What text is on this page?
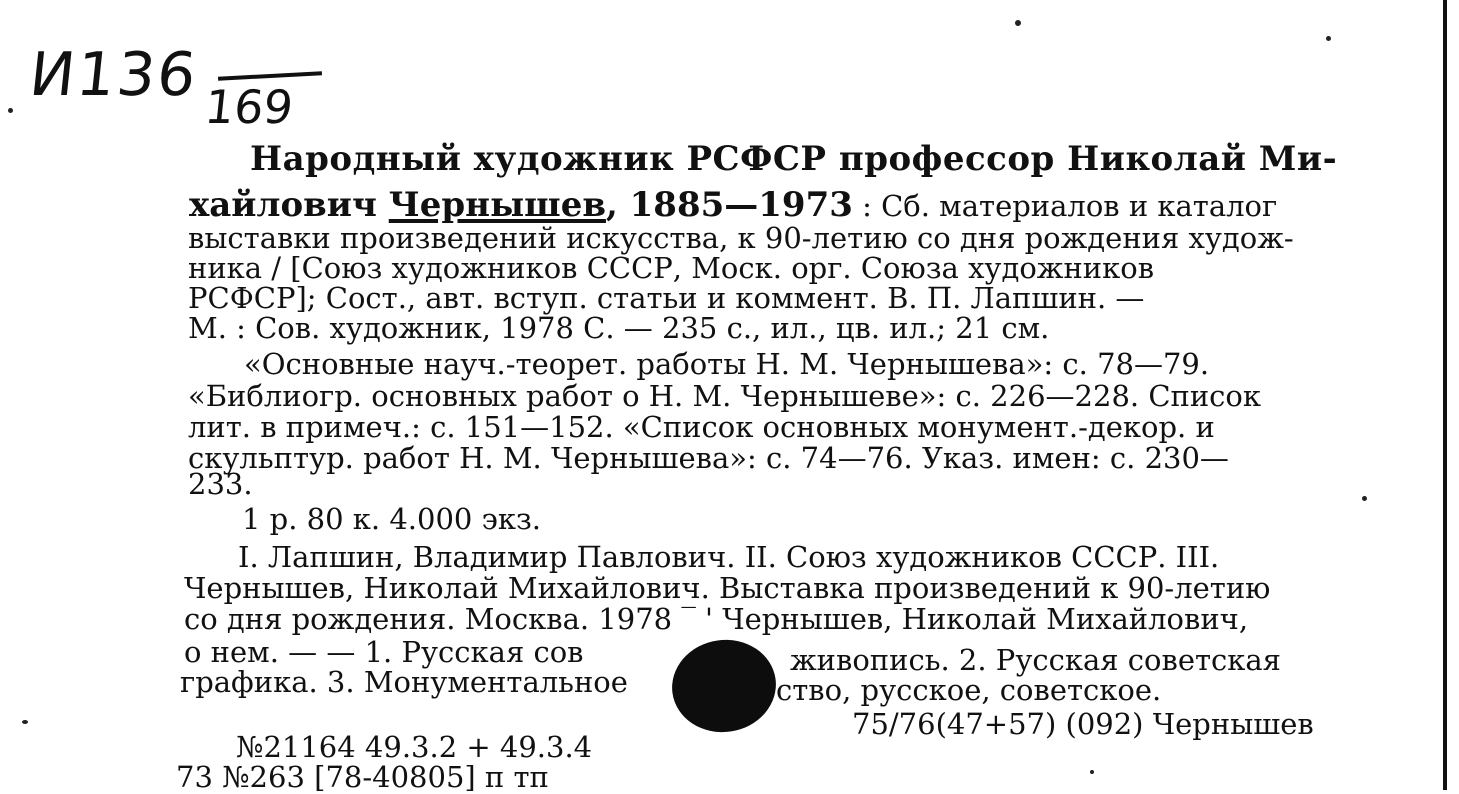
И136 169
Народный художник РСФСР профессор Николай Ми-
хайлович Чернышев, 1885—1973 : Сб. материалов и каталог
выставки произведений искусства, к 90-летию со дня рождения худож-
ника / [Союз художников СССР, Моск. орг. Союза художников
РСФСР]; Сост., авт. вступ. статьи и коммент. В. П. Лапшин. —
М. : Сов. художник, 1978 С. — 235 с., ил., цв. ил.; 21 см.
«Основные науч.-теорет. работы Н. М. Чернышева»: с. 78—79.
«Библиогр. основных работ о Н. М. Чернышеве»: с. 226—228. Список
лит. в примеч.: с. 151—152. «Список основных монумент.-декор. и
скульптур. работ Н. М. Чернышева»: с. 74—76. Указ. имен: с. 230—
233.
1 р. 80 к. 4.000 экз.
I. Лапшин, Владимир Павлович. II. Союз художников СССР. III.
Чернышев, Николай Михайлович. Выставка произведений к 90-летию
со дня рождения. Москва. 1978 ‾ ' Чернышев, Николай Михайлович,
о нем. — — 1. Русская сов	живопись. 2. Русская советская
графика. 3. Монументальное	ство, русское, советское.
75/76(47+57) (092) Чернышев
№21164 49.3.2 + 49.3.4
73 №263 [78-40805] п тп
